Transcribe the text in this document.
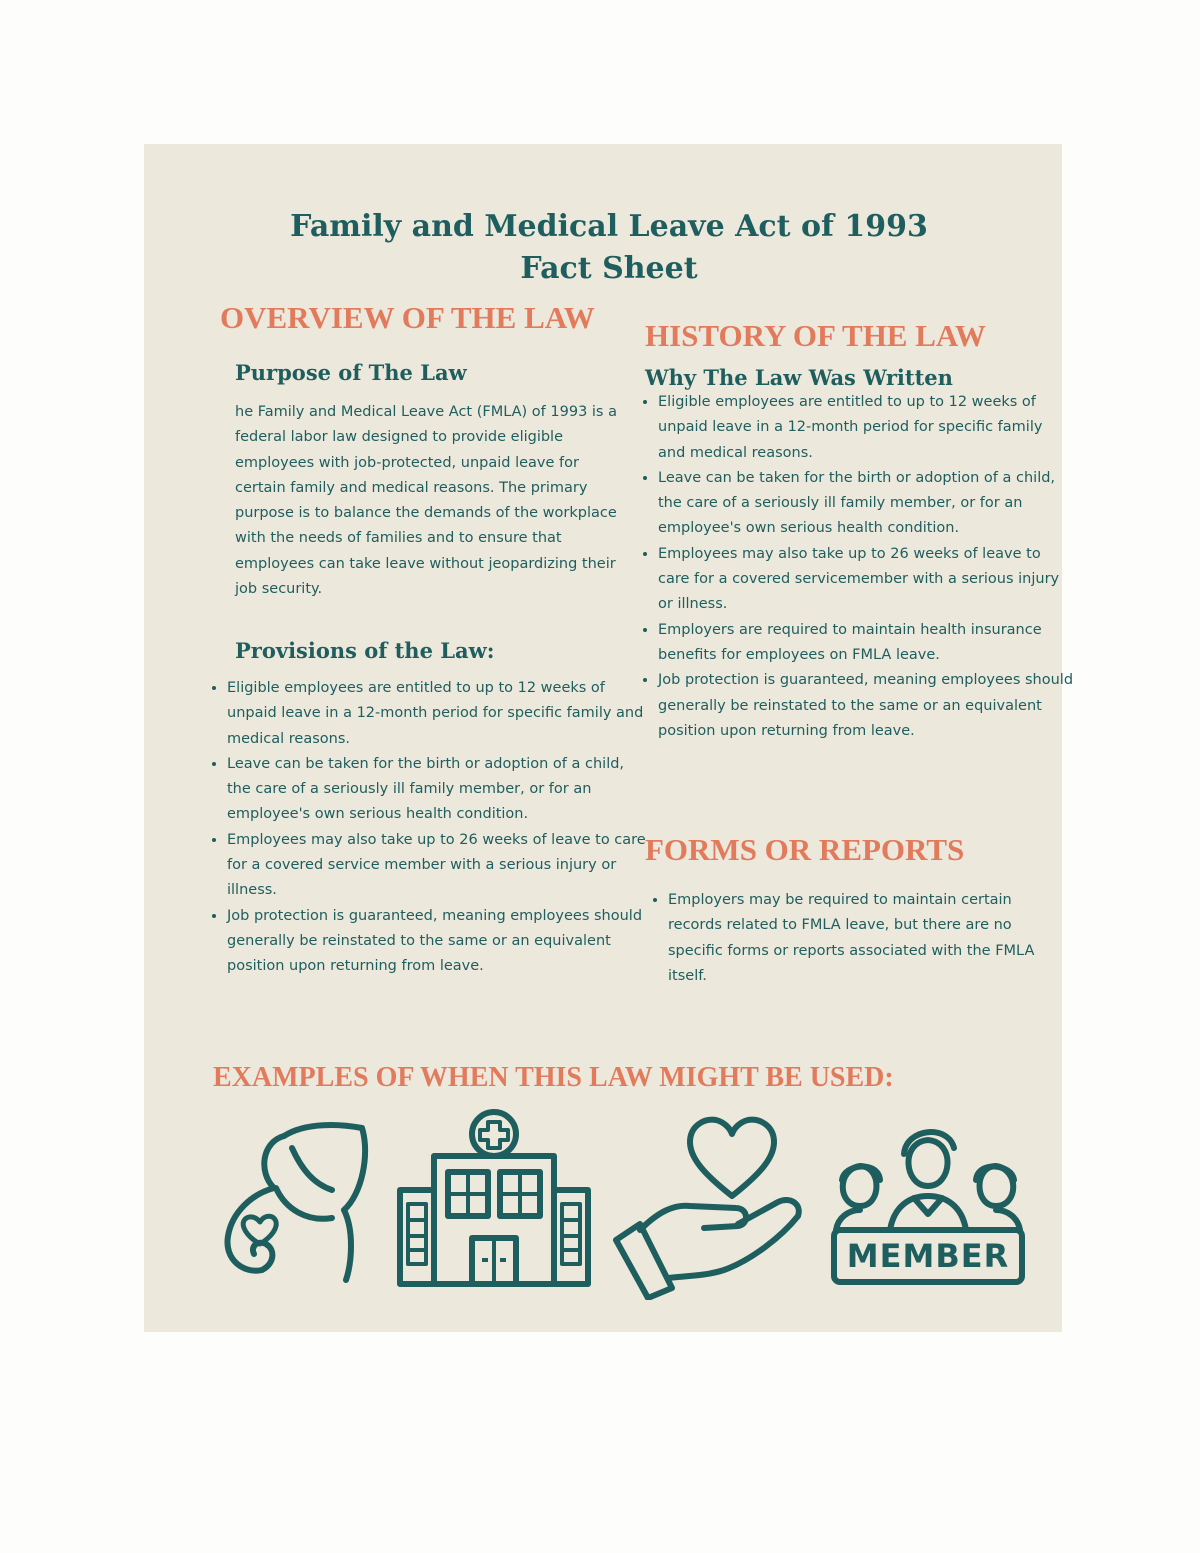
Family and Medical Leave Act of 1993
Fact Sheet
OVERVIEW OF THE LAW
Purpose of The Law

he Family and Medical Leave Act (FMLA) of 1993 is a federal labor law designed to provide eligible employees with job-protected, unpaid leave for certain family and medical reasons. The primary purpose is to balance the demands of the workplace with the needs of families and to ensure that employees can take leave without jeopardizing their job security.

Provisions of the Law:
• Eligible employees are entitled to up to 12 weeks of unpaid leave in a 12-month period for specific family and medical reasons.
• Leave can be taken for the birth or adoption of a child, the care of a seriously ill family member, or for an employee's own serious health condition.
• Employees may also take up to 26 weeks of leave to care for a covered service member with a serious injury or illness.
• Job protection is guaranteed, meaning employees should generally be reinstated to the same or an equivalent position upon returning from leave.
HISTORY OF THE LAW
Why The Law Was Written
• Eligible employees are entitled to up to 12 weeks of unpaid leave in a 12-month period for specific family and medical reasons.
• Leave can be taken for the birth or adoption of a child, the care of a seriously ill family member, or for an employee's own serious health condition.
• Employees may also take up to 26 weeks of leave to care for a covered servicemember with a serious injury or illness.
• Employers are required to maintain health insurance benefits for employees on FMLA leave.
• Job protection is guaranteed, meaning employees should generally be reinstated to the same or an equivalent position upon returning from leave.
FORMS OR REPORTS
• Employers may be required to maintain certain records related to FMLA leave, but there are no specific forms or reports associated with the FMLA itself.
EXAMPLES OF WHEN THIS LAW MIGHT BE USED:
MEMBER
